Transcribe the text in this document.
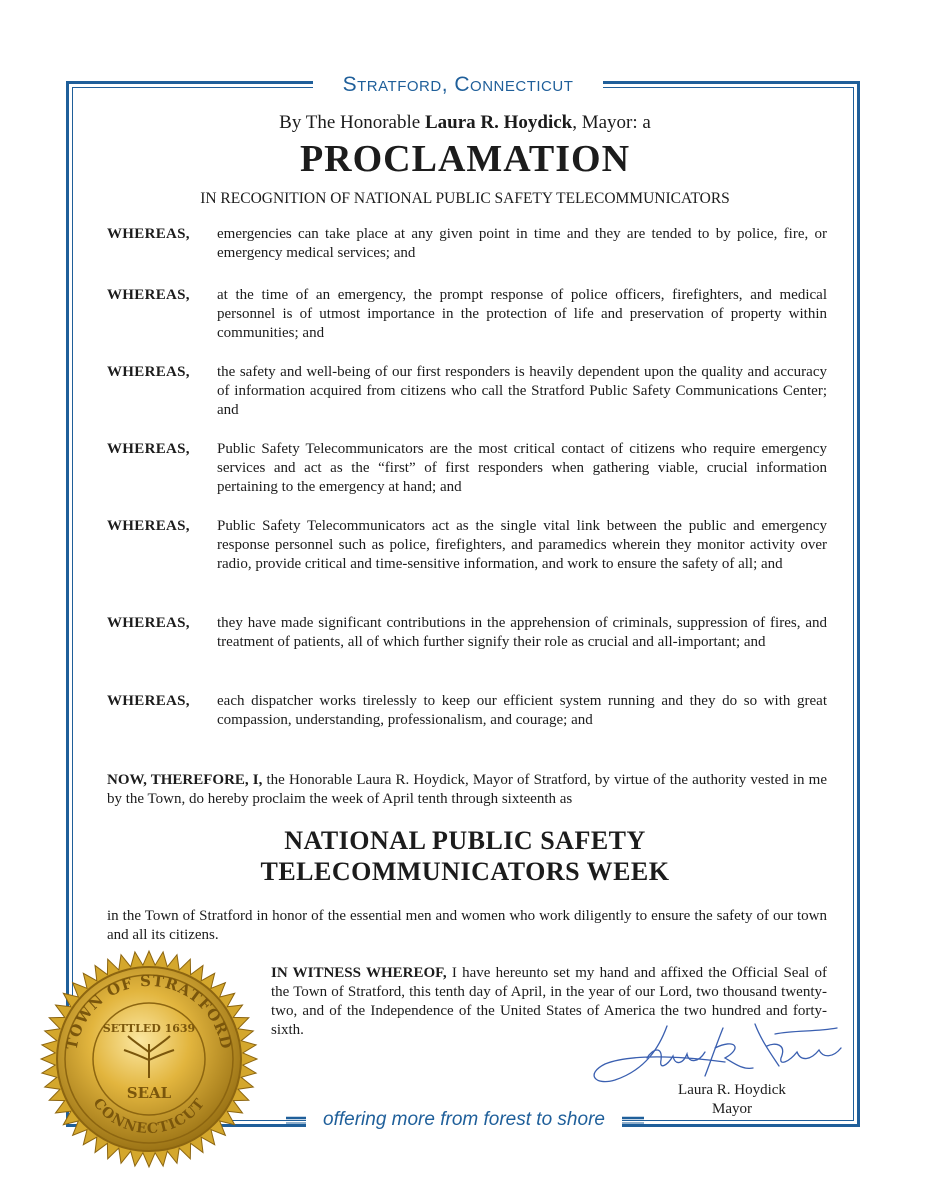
Stratford, Connecticut
By The Honorable Laura R. Hoydick, Mayor: a
PROCLAMATION
IN RECOGNITION OF NATIONAL PUBLIC SAFETY TELECOMMUNICATORS
WHEREAS, emergencies can take place at any given point in time and they are tended to by police, fire, or emergency medical services; and
WHEREAS, at the time of an emergency, the prompt response of police officers, firefighters, and medical personnel is of utmost importance in the protection of life and preservation of property within communities; and
WHEREAS, the safety and well-being of our first responders is heavily dependent upon the quality and accuracy of information acquired from citizens who call the Stratford Public Safety Communications Center; and
WHEREAS, Public Safety Telecommunicators are the most critical contact of citizens who require emergency services and act as the “first” of first responders when gathering viable, crucial information pertaining to the emergency at hand; and
WHEREAS, Public Safety Telecommunicators act as the single vital link between the public and emergency response personnel such as police, firefighters, and paramedics wherein they monitor activity over radio, provide critical and time-sensitive information, and work to ensure the safety of all; and
WHEREAS, they have made significant contributions in the apprehension of criminals, suppression of fires, and treatment of patients, all of which further signify their role as crucial and all-important; and
WHEREAS, each dispatcher works tirelessly to keep our efficient system running and they do so with great compassion, understanding, professionalism, and courage; and
NOW, THEREFORE, I, the Honorable Laura R. Hoydick, Mayor of Stratford, by virtue of the authority vested in me by the Town, do hereby proclaim the week of April tenth through sixteenth as
NATIONAL PUBLIC SAFETY
TELECOMMUNICATORS WEEK
in the Town of Stratford in honor of the essential men and women who work diligently to ensure the safety of our town and all its citizens.
IN WITNESS WHEREOF, I have hereunto set my hand and affixed the Official Seal of the Town of Stratford, this tenth day of April, in the year of our Lord, two thousand twenty-two, and of the Independence of the United States of America the two hundred and forty-sixth.
Laura R. Hoydick
Mayor
offering more from forest to shore
TOWN OF STRATFORD
CONNECTICUT
SETTLED 1639
SEAL
